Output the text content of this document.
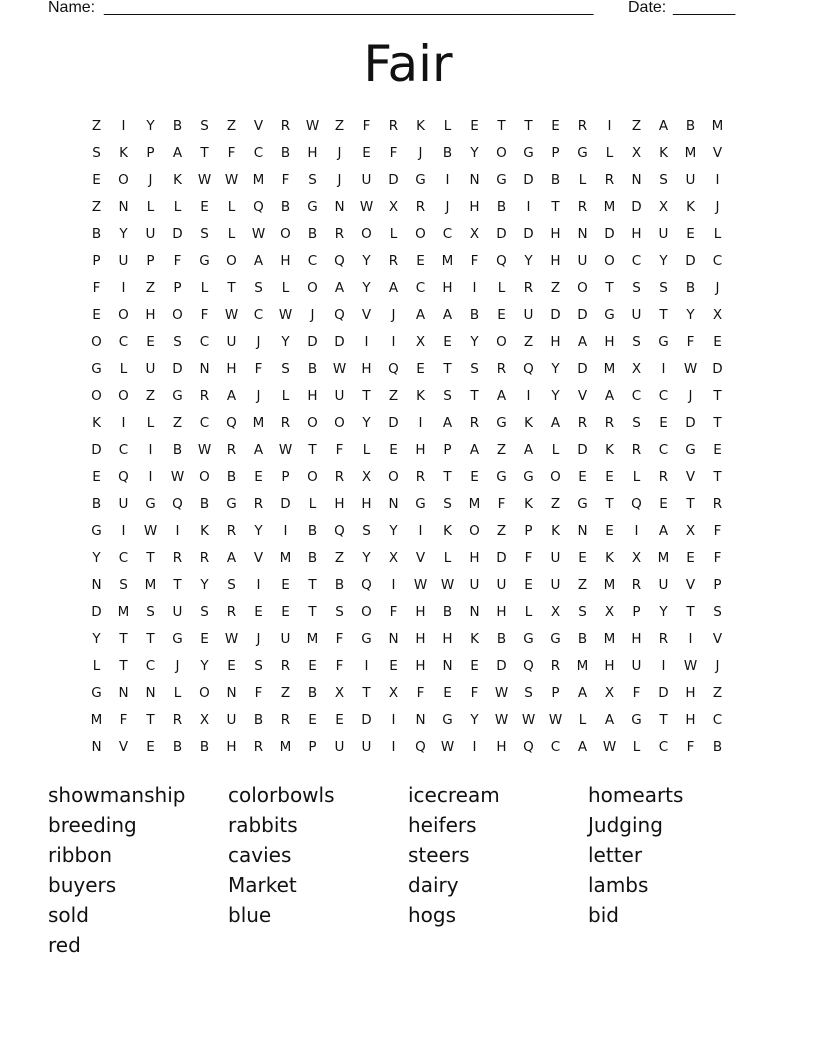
Name: _______________________________________________________ Date: _______
Fair
Z	I	Y	B	S	Z	V	R	W	Z	F	R	K	L	E	T	T	E	R	I	Z	A	B	M
S	K	P	A	T	F	C	B	H	J	E	F	J	B	Y	O	G	P	G	L	X	K	M	V
E	O	J	K	W	W	M	F	S	J	U	D	G	I	N	G	D	B	L	R	N	S	U	I
Z	N	L	L	E	L	Q	B	G	N	W	X	R	J	H	B	I	T	R	M	D	X	K	J
B	Y	U	D	S	L	W	O	B	R	O	L	O	C	X	D	D	H	N	D	H	U	E	L
P	U	P	F	G	O	A	H	C	Q	Y	R	E	M	F	Q	Y	H	U	O	C	Y	D	C
F	I	Z	P	L	T	S	L	O	A	Y	A	C	H	I	L	R	Z	O	T	S	S	B	J
E	O	H	O	F	W	C	W	J	Q	V	J	A	A	B	E	U	D	D	G	U	T	Y	X
O	C	E	S	C	U	J	Y	D	D	I	I	X	E	Y	O	Z	H	A	H	S	G	F	E
G	L	U	D	N	H	F	S	B	W	H	Q	E	T	S	R	Q	Y	D	M	X	I	W	D
O	O	Z	G	R	A	J	L	H	U	T	Z	K	S	T	A	I	Y	V	A	C	C	J	T
K	I	L	Z	C	Q	M	R	O	O	Y	D	I	A	R	G	K	A	R	R	S	E	D	T
D	C	I	B	W	R	A	W	T	F	L	E	H	P	A	Z	A	L	D	K	R	C	G	E
E	Q	I	W	O	B	E	P	O	R	X	O	R	T	E	G	G	O	E	E	L	R	V	T
B	U	G	Q	B	G	R	D	L	H	H	N	G	S	M	F	K	Z	G	T	Q	E	T	R
G	I	W	I	K	R	Y	I	B	Q	S	Y	I	K	O	Z	P	K	N	E	I	A	X	F
Y	C	T	R	R	A	V	M	B	Z	Y	X	V	L	H	D	F	U	E	K	X	M	E	F
N	S	M	T	Y	S	I	E	T	B	Q	I	W	W	U	U	E	U	Z	M	R	U	V	P
D	M	S	U	S	R	E	E	T	S	O	F	H	B	N	H	L	X	S	X	P	Y	T	S
Y	T	T	G	E	W	J	U	M	F	G	N	H	H	K	B	G	G	B	M	H	R	I	V
L	T	C	J	Y	E	S	R	E	F	I	E	H	N	E	D	Q	R	M	H	U	I	W	J
G	N	N	L	O	N	F	Z	B	X	T	X	F	E	F	W	S	P	A	X	F	D	H	Z
M	F	T	R	X	U	B	R	E	E	D	I	N	G	Y	W	W	W	L	A	G	T	H	C
N	V	E	B	B	H	R	M	P	U	U	I	Q	W	I	H	Q	C	A	W	L	C	F	B
showmanship	colorbowls	icecream	homearts
breeding	rabbits	heifers	Judging
ribbon	cavies	steers	letter
buyers	Market	dairy	lambs
sold	blue	hogs	bid
red
